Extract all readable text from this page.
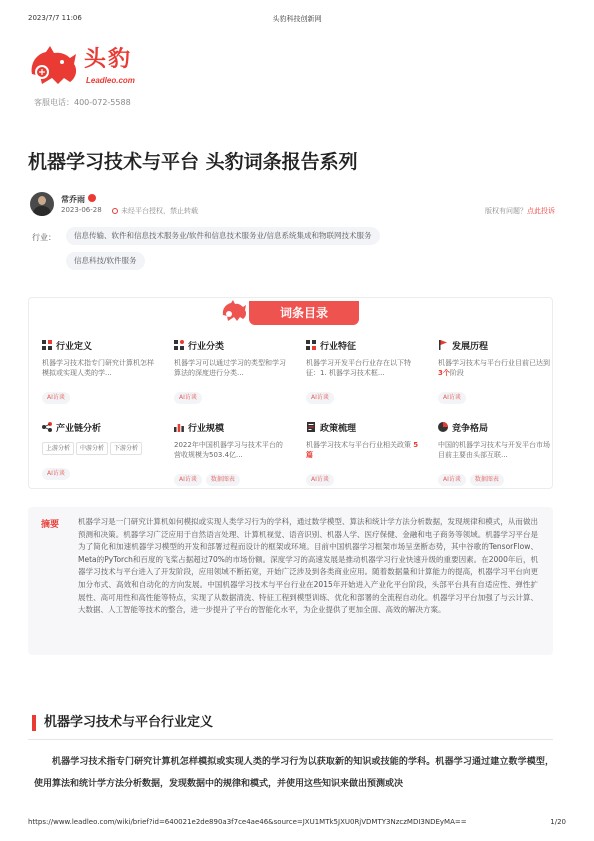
2023/7/7 11:06	头豹科技创新网
头豹
Leadleo.com
客服电话：400-072-5588
机器学习技术与平台 头豹词条报告系列
常乔雨
2023-06-28	未经平台授权，禁止转载	版权有问题？点此投诉
行业：	信息传输、软件和信息技术服务业/软件和信息技术服务业/信息系统集成和物联网技术服务
信息科技/软件服务
词条目录
行业定义
机器学习技术指专门研究计算机怎样模拟或实现人类的学...
AI访谈
行业分类
机器学习可以通过学习的类型和学习算法的深度进行分类...
AI访谈
行业特征
机器学习开发平台行业存在以下特征：1. 机器学习技术框...
AI访谈
发展历程
机器学习技术与平台行业目前已达到 3个阶段
AI访谈
产业链分析
上游分析 中游分析 下游分析
AI访谈
行业规模
2022年中国机器学习与技术平台的营收规模为503.4亿...
AI访谈 数据图表
政策梳理
机器学习技术与平台行业相关政策 5篇
AI访谈
竞争格局
中国的机器学习技术与开发平台市场目前主要由头部互联...
AI访谈 数据图表
摘要	机器学习是一门研究计算机如何模拟或实现人类学习行为的学科，通过数学模型、算法和统计学方法分析数据，发现规律和模式，从而做出预测和决策。机器学习广泛应用于自然语言处理、计算机视觉、语音识别、机器人学、医疗保健、金融和电子商务等领域。机器学习平台是为了简化和加速机器学习模型的开发和部署过程而设计的框架或环境。目前中国机器学习框架市场呈垄断态势，其中谷歌的TensorFlow、Meta的PyTorch和百度的飞桨占据超过70%的市场份额。深度学习的高速发展是推动机器学习行业快速升级的重要因素。在2000年后，机器学习技术与平台进入了开发阶段，应用领域不断拓宽，开始广泛涉及到各类商业应用。随着数据量和计算能力的提高，机器学习平台向更加分布式、高效和自动化的方向发展。中国机器学习技术与平台行业在2015年开始进入产业化平台阶段，头部平台具有自适应性、弹性扩展性、高可用性和高性能等特点，实现了从数据清洗、特征工程到模型训练、优化和部署的全流程自动化。机器学习平台加强了与云计算、大数据、人工智能等技术的整合，进一步提升了平台的智能化水平，为企业提供了更加全面、高效的解决方案。

机器学习技术与平台行业定义

机器学习技术指专门研究计算机怎样模拟或实现人类的学习行为以获取新的知识或技能的学科。机器学习通过建立数学模型，使用算法和统计学方法分析数据，发现数据中的规律和模式，并使用这些知识来做出预测或决

https://www.leadleo.com/wiki/brief?id=640021e2de890a3f7ce4ae46&source=JXU1MTk5JXU0RjVDMTY3NzczMDI3NDEyMA==	1/20
